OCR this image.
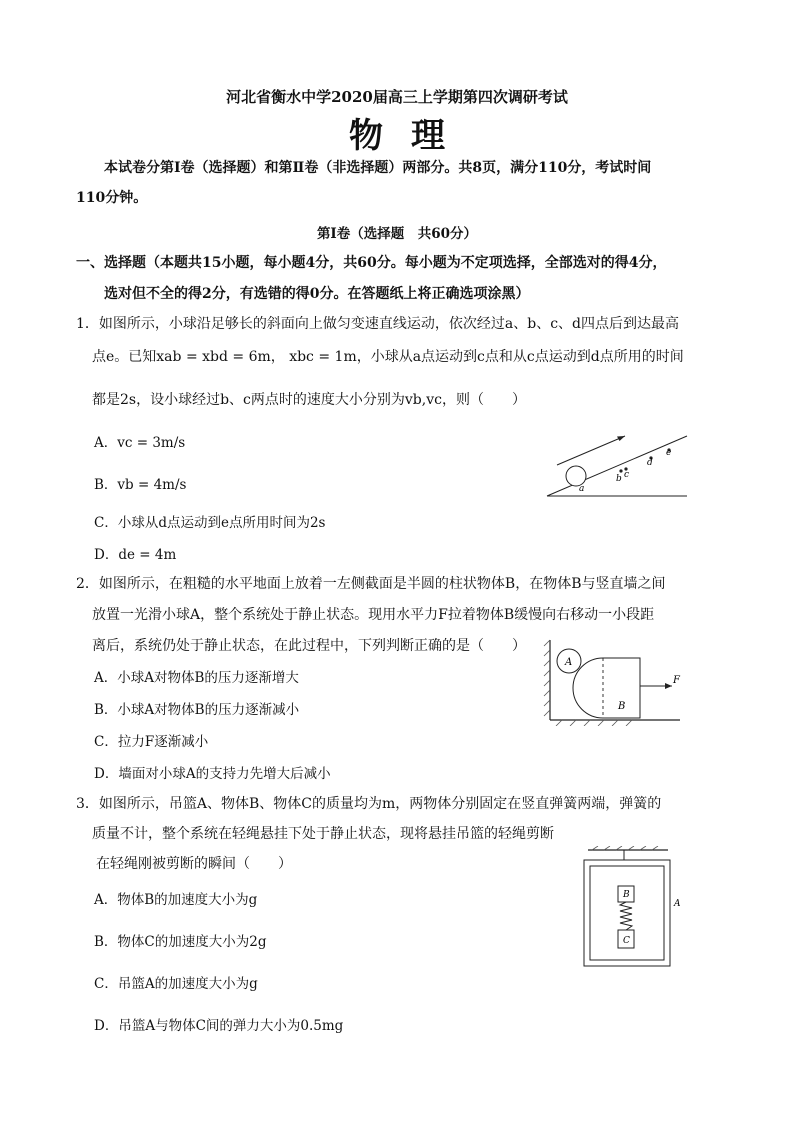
河北省衡水中学2020届高三上学期第四次调研考试
物理
本试卷分第Ⅰ卷（选择题）和第Ⅱ卷（非选择题）两部分。共8页，满分110分，考试时间
110分钟。
第Ⅰ卷（选择题　共60分）
一、选择题（本题共15小题，每小题4分，共60分。每小题为不定项选择，全部选对的得4分，
选对但不全的得2分，有选错的得0分。在答题纸上将正确选项涂黑）
1．如图所示，小球沿足够长的斜面向上做匀变速直线运动，依次经过a、b、c、d四点后到达最高
点e。已知xab = xbd = 6m， xbc = 1m，小球从a点运动到c点和从c点运动到d点所用的时间
都是2s，设小球经过b、c两点时的速度大小分别为vb,vc，则（　　）
A．vc = 3m/s
B．vb = 4m/s
C．小球从d点运动到e点所用时间为2s
D．de = 4m
a
b c
d
e
2．如图所示，在粗糙的水平地面上放着一左侧截面是半圆的柱状物体B，在物体B与竖直墙之间
放置一光滑小球A，整个系统处于静止状态。现用水平力F拉着物体B缓慢向右移动一小段距
离后，系统仍处于静止状态，在此过程中，下列判断正确的是（　　）
A．小球A对物体B的压力逐渐增大
B．小球A对物体B的压力逐渐减小
C．拉力F逐渐减小
D．墙面对小球A的支持力先增大后减小
A
B
F
3．如图所示，吊篮A、物体B、物体C的质量均为m，两物体分别固定在竖直弹簧两端，弹簧的
质量不计，整个系统在轻绳悬挂下处于静止状态，现将悬挂吊篮的轻绳剪断
在轻绳刚被剪断的瞬间（　　）
A．物体B的加速度大小为g
B．物体C的加速度大小为2g
C．吊篮A的加速度大小为g
D．吊篮A与物体C间的弹力大小为0.5mg
B
C
A
